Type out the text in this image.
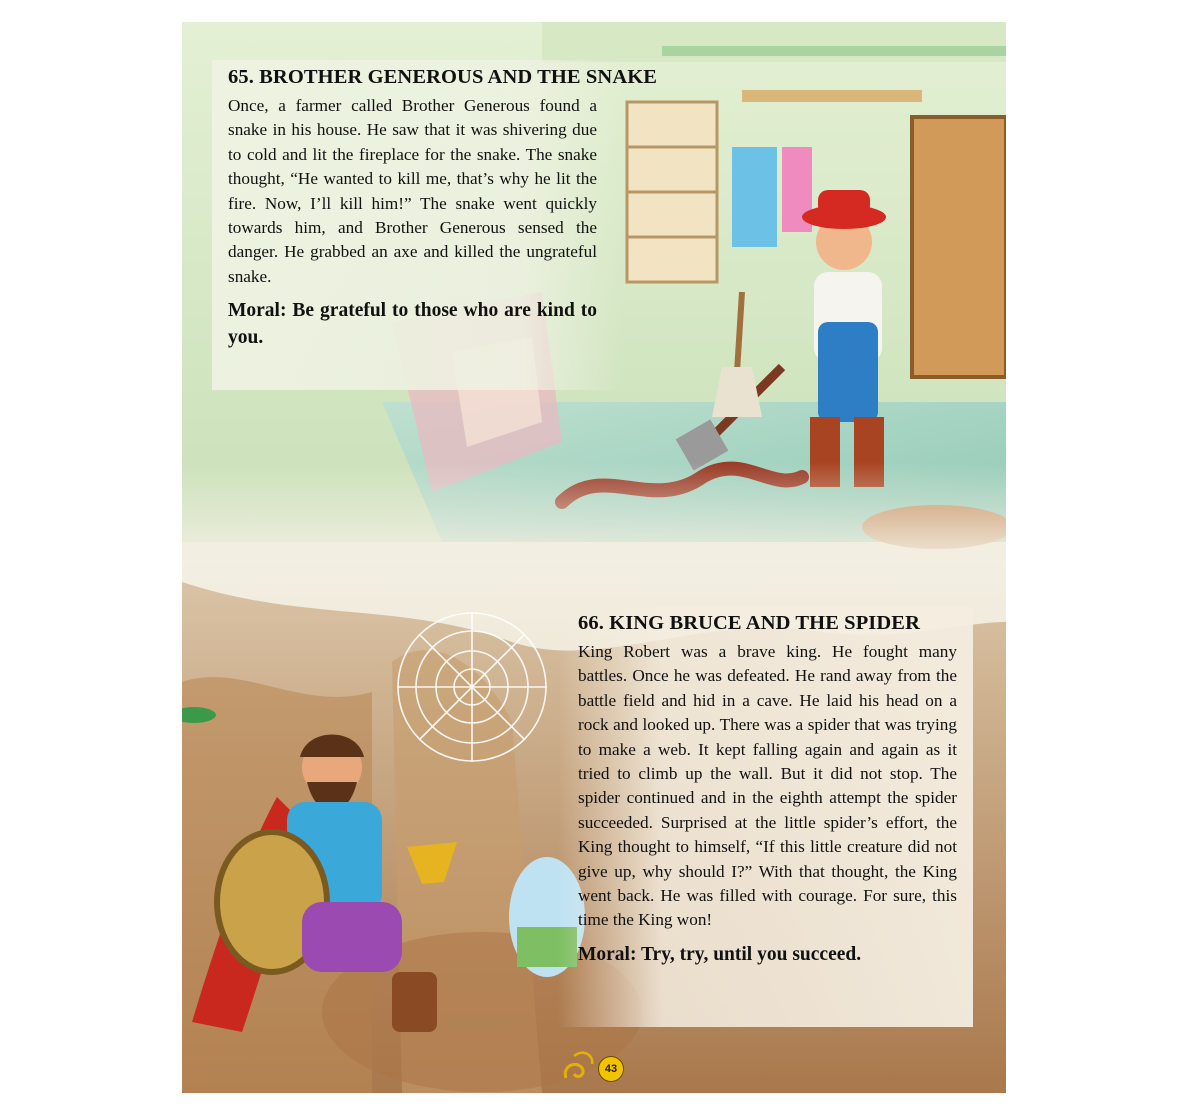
65. BROTHER GENEROUS AND THE SNAKE

Once, a farmer called Brother Generous found a snake in his house. He saw that it was shivering due to cold and lit the fireplace for the snake. The snake thought, “He wanted to kill me, that’s why he lit the fire. Now, I’ll kill him!” The snake went quickly towards him, and Brother Generous sensed the danger. He grabbed an axe and killed the ungrateful snake.

Moral: Be grateful to those who are kind to you.

66. KING BRUCE AND THE SPIDER

King Robert was a brave king. He fought many battles. Once he was defeated. He rand away from the battle field and hid in a cave. He laid his head on a rock and looked up. There was a spider that was trying to make a web. It kept falling again and again as it tried to climb up the wall. But it did not stop. The spider continued and in the eighth attempt the spider succeeded. Surprised at the little spider’s effort, the King thought to himself, “If this little creature did not give up, why should I?” With that thought, the King went back. He was filled with courage. For sure, this time the King won!

Moral: Try, try, until you succeed.

43
